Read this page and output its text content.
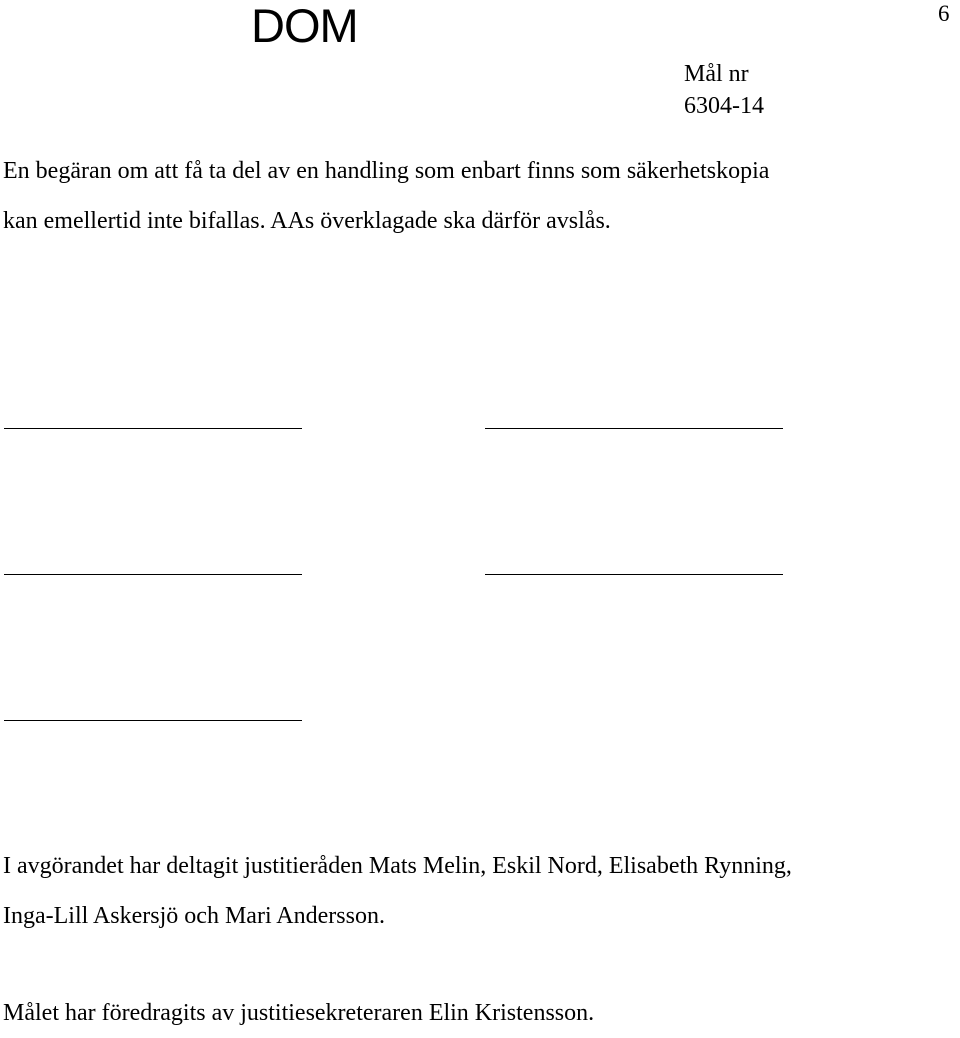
DOM	6
Mål nr
6304-14
En begäran om att få ta del av en handling som enbart finns som säkerhetskopia
kan emellertid inte bifallas. AAs överklagade ska därför avslås.
I avgörandet har deltagit justitieråden Mats Melin, Eskil Nord, Elisabeth Rynning,
Inga-Lill Askersjö och Mari Andersson.
Målet har föredragits av justitiesekreteraren Elin Kristensson.
